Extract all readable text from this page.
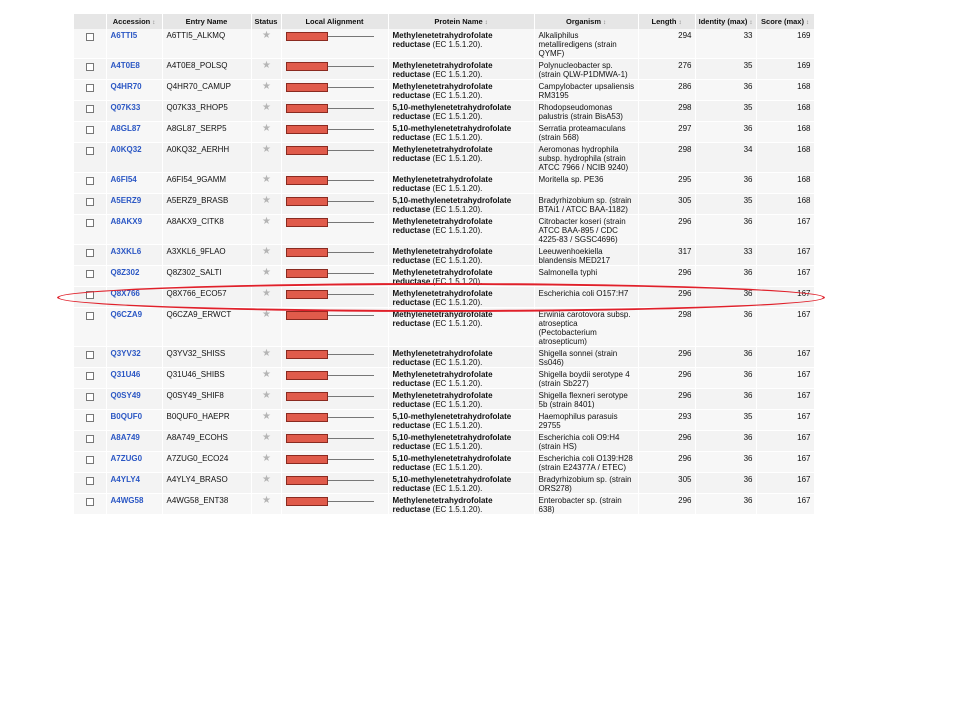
	Accession ↕	Entry Name	Status	Local Alignment	Protein Name ↕	Organism ↕	Length ↕	Identity (max) ↕	Score (max) ↕
	A6TTI5	A6TTI5_ALKMQ	★		Methylenetetrahydrofolate reductase (EC 1.5.1.20).	Alkaliphilus metalliredigens (strain QYMF)	294	33	169
	A4T0E8	A4T0E8_POLSQ	★		Methylenetetrahydrofolate reductase (EC 1.5.1.20).	Polynucleobacter sp. (strain QLW-P1DMWA-1)	276	35	169
	Q4HR70	Q4HR70_CAMUP	★		Methylenetetrahydrofolate reductase (EC 1.5.1.20).	Campylobacter upsaliensis RM3195	286	36	168
	Q07K33	Q07K33_RHOP5	★		5,10-methylenetetrahydrofolate reductase (EC 1.5.1.20).	Rhodopseudomonas palustris (strain BisA53)	298	35	168
	A8GL87	A8GL87_SERP5	★		5,10-methylenetetrahydrofolate reductase (EC 1.5.1.20).	Serratia proteamaculans (strain 568)	297	36	168
	A0KQ32	A0KQ32_AERHH	★		Methylenetetrahydrofolate reductase (EC 1.5.1.20).	Aeromonas hydrophila subsp. hydrophila (strain ATCC 7966 / NCIB 9240)	298	34	168
	A6FI54	A6FI54_9GAMM	★		Methylenetetrahydrofolate reductase (EC 1.5.1.20).	Moritella sp. PE36	295	36	168
	A5ERZ9	A5ERZ9_BRASB	★		5,10-methylenetetrahydrofolate reductase (EC 1.5.1.20).	Bradyrhizobium sp. (strain BTAi1 / ATCC BAA-1182)	305	35	168
	A8AKX9	A8AKX9_CITK8	★		Methylenetetrahydrofolate reductase (EC 1.5.1.20).	Citrobacter koseri (strain ATCC BAA-895 / CDC 4225-83 / SGSC4696)	296	36	167
	A3XKL6	A3XKL6_9FLAO	★		Methylenetetrahydrofolate reductase (EC 1.5.1.20).	Leeuwenhoekiella blandensis MED217	317	33	167
	Q8Z302	Q8Z302_SALTI	★		Methylenetetrahydrofolate reductase (EC 1.5.1.20).	Salmonella typhi	296	36	167
	Q8X766	Q8X766_ECO57	★		Methylenetetrahydrofolate reductase (EC 1.5.1.20).	Escherichia coli O157:H7	296	36	167
	Q6CZA9	Q6CZA9_ERWCT	★		Methylenetetrahydrofolate reductase (EC 1.5.1.20).	Erwinia carotovora subsp. atroseptica (Pectobacterium atrosepticum)	298	36	167
	Q3YV32	Q3YV32_SHISS	★		Methylenetetrahydrofolate reductase (EC 1.5.1.20).	Shigella sonnei (strain Ss046)	296	36	167
	Q31U46	Q31U46_SHIBS	★		Methylenetetrahydrofolate reductase (EC 1.5.1.20).	Shigella boydii serotype 4 (strain Sb227)	296	36	167
	Q0SY49	Q0SY49_SHIF8	★		Methylenetetrahydrofolate reductase (EC 1.5.1.20).	Shigella flexneri serotype 5b (strain 8401)	296	36	167
	B0QUF0	B0QUF0_HAEPR	★		5,10-methylenetetrahydrofolate reductase (EC 1.5.1.20).	Haemophilus parasuis 29755	293	35	167
	A8A749	A8A749_ECOHS	★		5,10-methylenetetrahydrofolate reductase (EC 1.5.1.20).	Escherichia coli O9:H4 (strain HS)	296	36	167
	A7ZUG0	A7ZUG0_ECO24	★		5,10-methylenetetrahydrofolate reductase (EC 1.5.1.20).	Escherichia coli O139:H28 (strain E24377A / ETEC)	296	36	167
	A4YLY4	A4YLY4_BRASO	★		5,10-methylenetetrahydrofolate reductase (EC 1.5.1.20).	Bradyrhizobium sp. (strain ORS278)	305	36	167
	A4WG58	A4WG58_ENT38	★		Methylenetetrahydrofolate reductase (EC 1.5.1.20).	Enterobacter sp. (strain 638)	296	36	167
